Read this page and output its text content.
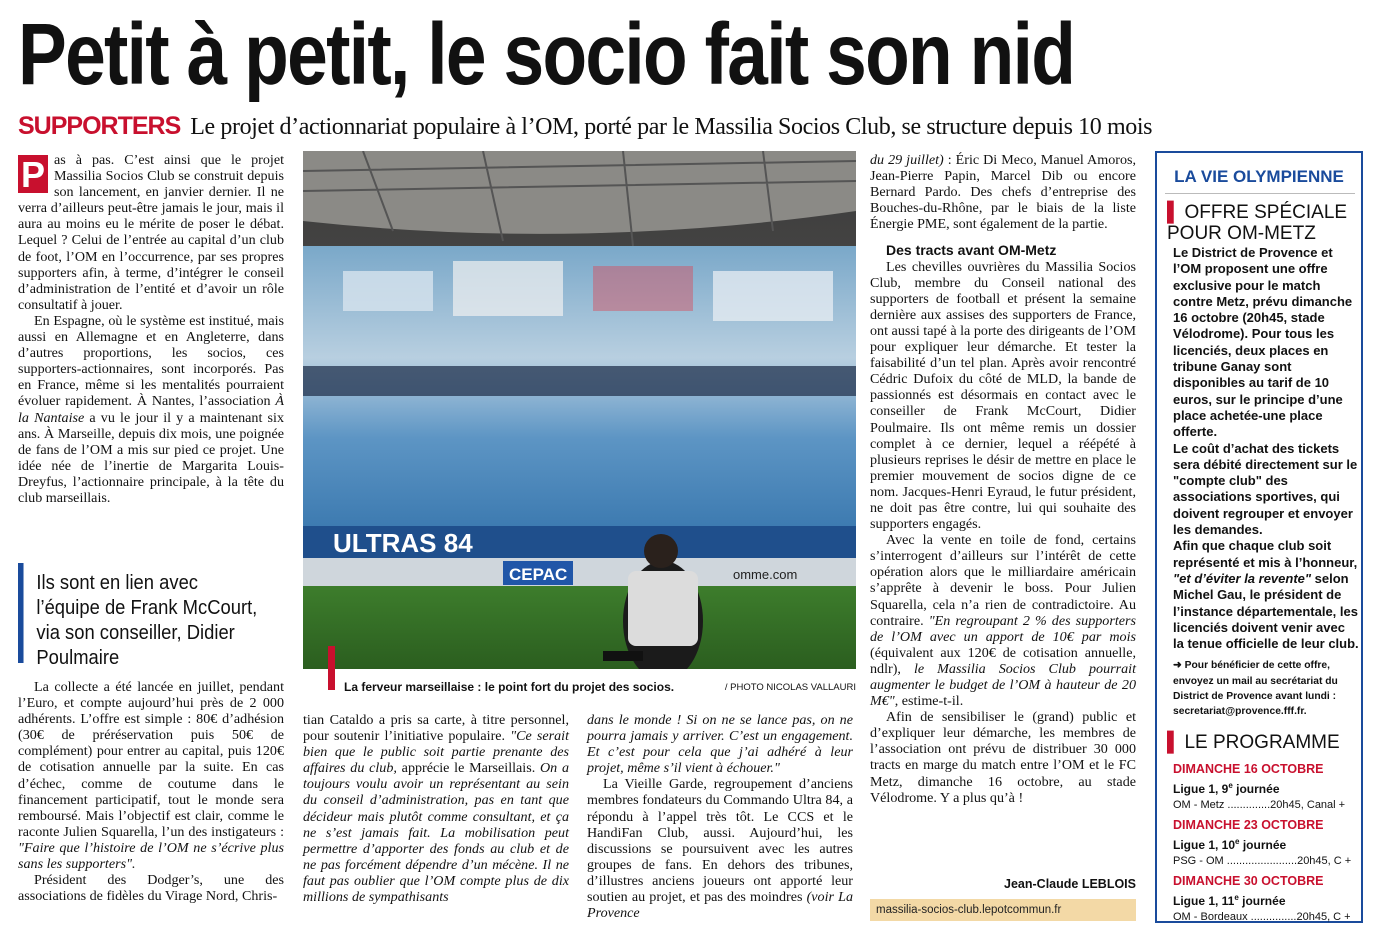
Petit à petit, le socio fait son nid
SUPPORTERS Le projet d’actionnariat populaire à l’OM, porté par le Massilia Socios Club, se structure depuis 10 mois

P as à pas. C’est ainsi que le projet Massilia Socios Club se construit depuis son lancement, en janvier dernier. Il ne verra d’ailleurs peut-être jamais le jour, mais il aura au moins eu le mérite de poser le débat. Lequel ? Celui de l’entrée au capital d’un club de foot, l’OM en l’occurrence, par ses propres supporters afin, à terme, d’intégrer le conseil d’administration de l’entité et d’avoir un rôle consultatif à jouer.

En Espagne, où le système est institué, mais aussi en Allemagne et en Angleterre, dans d’autres proportions, les socios, ces supporters-actionnaires, sont incorporés. Pas en France, même si les mentalités pourraient évoluer rapidement. À Nantes, l’association À la Nantaise a vu le jour il y a maintenant six ans. À Marseille, depuis dix mois, une poignée de fans de l’OM a mis sur pied ce projet. Une idée née de l’inertie de Margarita Louis-Dreyfus, l’actionnaire principale, à la tête du club marseillais.

Ils sont en lien avec l’équipe de Frank McCourt, via son conseiller, Didier Poulmaire

La collecte a été lancée en juillet, pendant l’Euro, et compte aujourd’hui près de 2 000 adhérents. L’offre est simple : 80€ d’adhésion (30€ de préréservation puis 50€ de complément) pour entrer au capital, puis 120€ de cotisation annuelle par la suite. En cas d’échec, comme de coutume dans le financement participatif, tout le monde sera remboursé. Mais l’objectif est clair, comme le raconte Julien Squarella, l’un des instigateurs : "Faire que l’histoire de l’OM ne s’écrive plus sans les supporters".

Président des Dodger’s, une des associations de fidèles du Virage Nord, Chris-

ULTRAS 84
CEPAC	omme.com
La ferveur marseillaise : le point fort du projet des socios.	/ PHOTO NICOLAS VALLAURI

tian Cataldo a pris sa carte, à titre personnel, pour soutenir l’initiative populaire. "Ce serait bien que le public soit partie prenante des affaires du club, apprécie le Marseillais. On a toujours voulu avoir un représentant au sein du conseil d’administration, pas en tant que décideur mais plutôt comme consultant, et ça ne s’est jamais fait. La mobilisation peut permettre d’apporter des fonds au club et de ne pas forcément dépendre d’un mécène. Il ne faut pas oublier que l’OM compte plus de dix millions de sympathisants

dans le monde ! Si on ne se lance pas, on ne pourra jamais y arriver. C’est un engagement. Et c’est pour cela que j’ai adhéré à leur projet, même s’il vient à échouer."

La Vieille Garde, regroupement d’anciens membres fondateurs du Commando Ultra 84, a répondu à l’appel très tôt. Le CCS et le HandiFan Club, aussi. Aujourd’hui, les discussions se poursuivent avec les autres groupes de fans. En dehors des tribunes, d’illustres anciens joueurs ont apporté leur soutien au projet, et pas des moindres (voir La Provence

du 29 juillet) : Éric Di Meco, Manuel Amoros, Jean-Pierre Papin, Marcel Dib ou encore Bernard Pardo. Des chefs d’entreprise des Bouches-du-Rhône, par le biais de la liste Énergie PME, sont également de la partie.

Des tracts avant OM-Metz

Les chevilles ouvrières du Massilia Socios Club, membre du Conseil national des supporters de football et présent la semaine dernière aux assises des supporters de France, ont aussi tapé à la porte des dirigeants de l’OM pour expliquer leur démarche. Et tester la faisabilité d’un tel plan. Après avoir rencontré Cédric Dufoix du côté de MLD, la bande de passionnés est désormais en contact avec le conseiller de Frank McCourt, Didier Poulmaire. Ils ont même remis un dossier complet à ce dernier, lequel a réépété à plusieurs reprises le désir de mettre en place le premier mouvement de socios digne de ce nom. Jacques-Henri Eyraud, le futur président, ne doit pas être contre, lui qui souhaite des supporters engagés.

Avec la vente en toile de fond, certains s’interrogent d’ailleurs sur l’intérêt de cette opération alors que le milliardaire américain s’apprête à devenir le boss. Pour Julien Squarella, cela n’a rien de contradictoire. Au contraire. "En regroupant 2 % des supporters de l’OM avec un apport de 10€ par mois (équivalent aux 120€ de cotisation annuelle, ndlr), le Massilia Socios Club pourrait augmenter le budget de l’OM à hauteur de 20 M€", estime-t-il.

Afin de sensibiliser le (grand) public et d’expliquer leur démarche, les membres de l’association ont prévu de distribuer 30 000 tracts en marge du match entre l’OM et le FC Metz, dimanche 16 octobre, au stade Vélodrome. Y a plus qu’à !

Jean-Claude LEBLOIS
massilia-socios-club.lepotcommun.fr
LA VIE OLYMPIENNE
▌ OFFRE SPÉCIALE POUR OM-METZ
Le District de Provence et l’OM proposent une offre exclusive pour le match contre Metz, prévu dimanche 16 octobre (20h45, stade Vélodrome). Pour tous les licenciés, deux places en tribune Ganay sont disponibles au tarif de 10 euros, sur le principe d’une place achetée-une place offerte.
Le coût d’achat des tickets sera débité directement sur le "compte club" des associations sportives, qui doivent regrouper et envoyer les demandes.
Afin que chaque club soit représenté et mis à l’honneur, "et d’éviter la revente" selon Michel Gau, le président de l’instance départementale, les licenciés doivent venir avec la tenue officielle de leur club.
➜ Pour bénéficier de cette offre, envoyez un mail au secrétariat du District de Provence avant lundi : secretariat@provence.fff.fr.
▌ LE PROGRAMME
DIMANCHE 16 OCTOBRE
Ligue 1, 9e journée
OM - Metz ..............20h45, Canal +
DIMANCHE 23 OCTOBRE
Ligue 1, 10e journée
PSG - OM .......................20h45, C +
DIMANCHE 30 OCTOBRE
Ligue 1, 11e journée
OM - Bordeaux ...............20h45, C +
